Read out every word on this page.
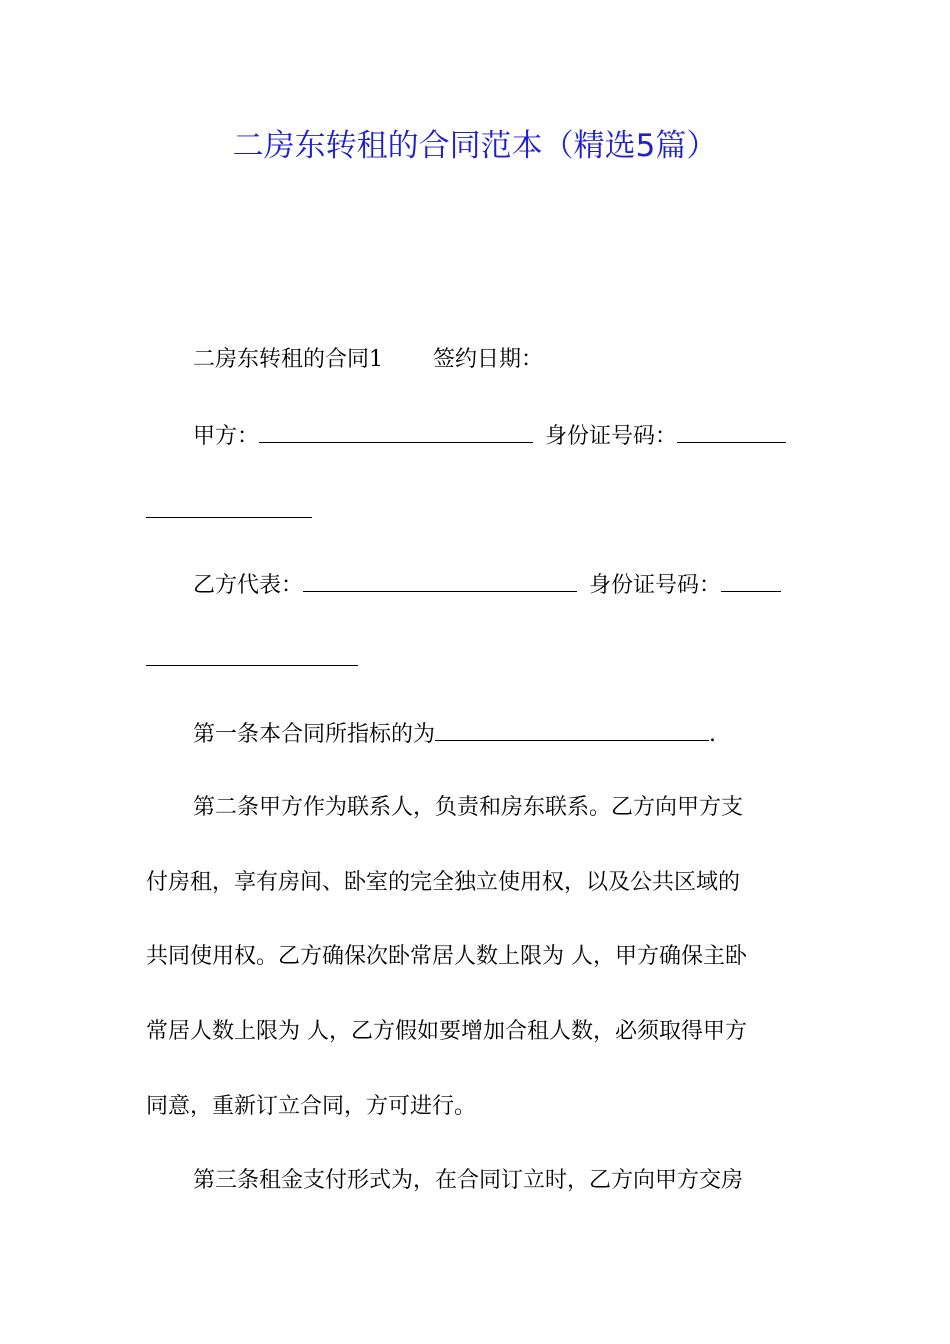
二房东转租的合同范本（精选5篇）
二房东转租的合同1 签约日期：
甲方：	身份证号码：
乙方代表：	身份证号码：
第一条本合同所指标的为	.
第二条甲方作为联系人，负责和房东联系。乙方向甲方支
付房租，享有房间、卧室的完全独立使用权，以及公共区域的
共同使用权。乙方确保次卧常居人数上限为 人，甲方确保主卧
常居人数上限为 人，乙方假如要增加合租人数，必须取得甲方
同意，重新订立合同，方可进行。
第三条租金支付形式为，在合同订立时，乙方向甲方交房
